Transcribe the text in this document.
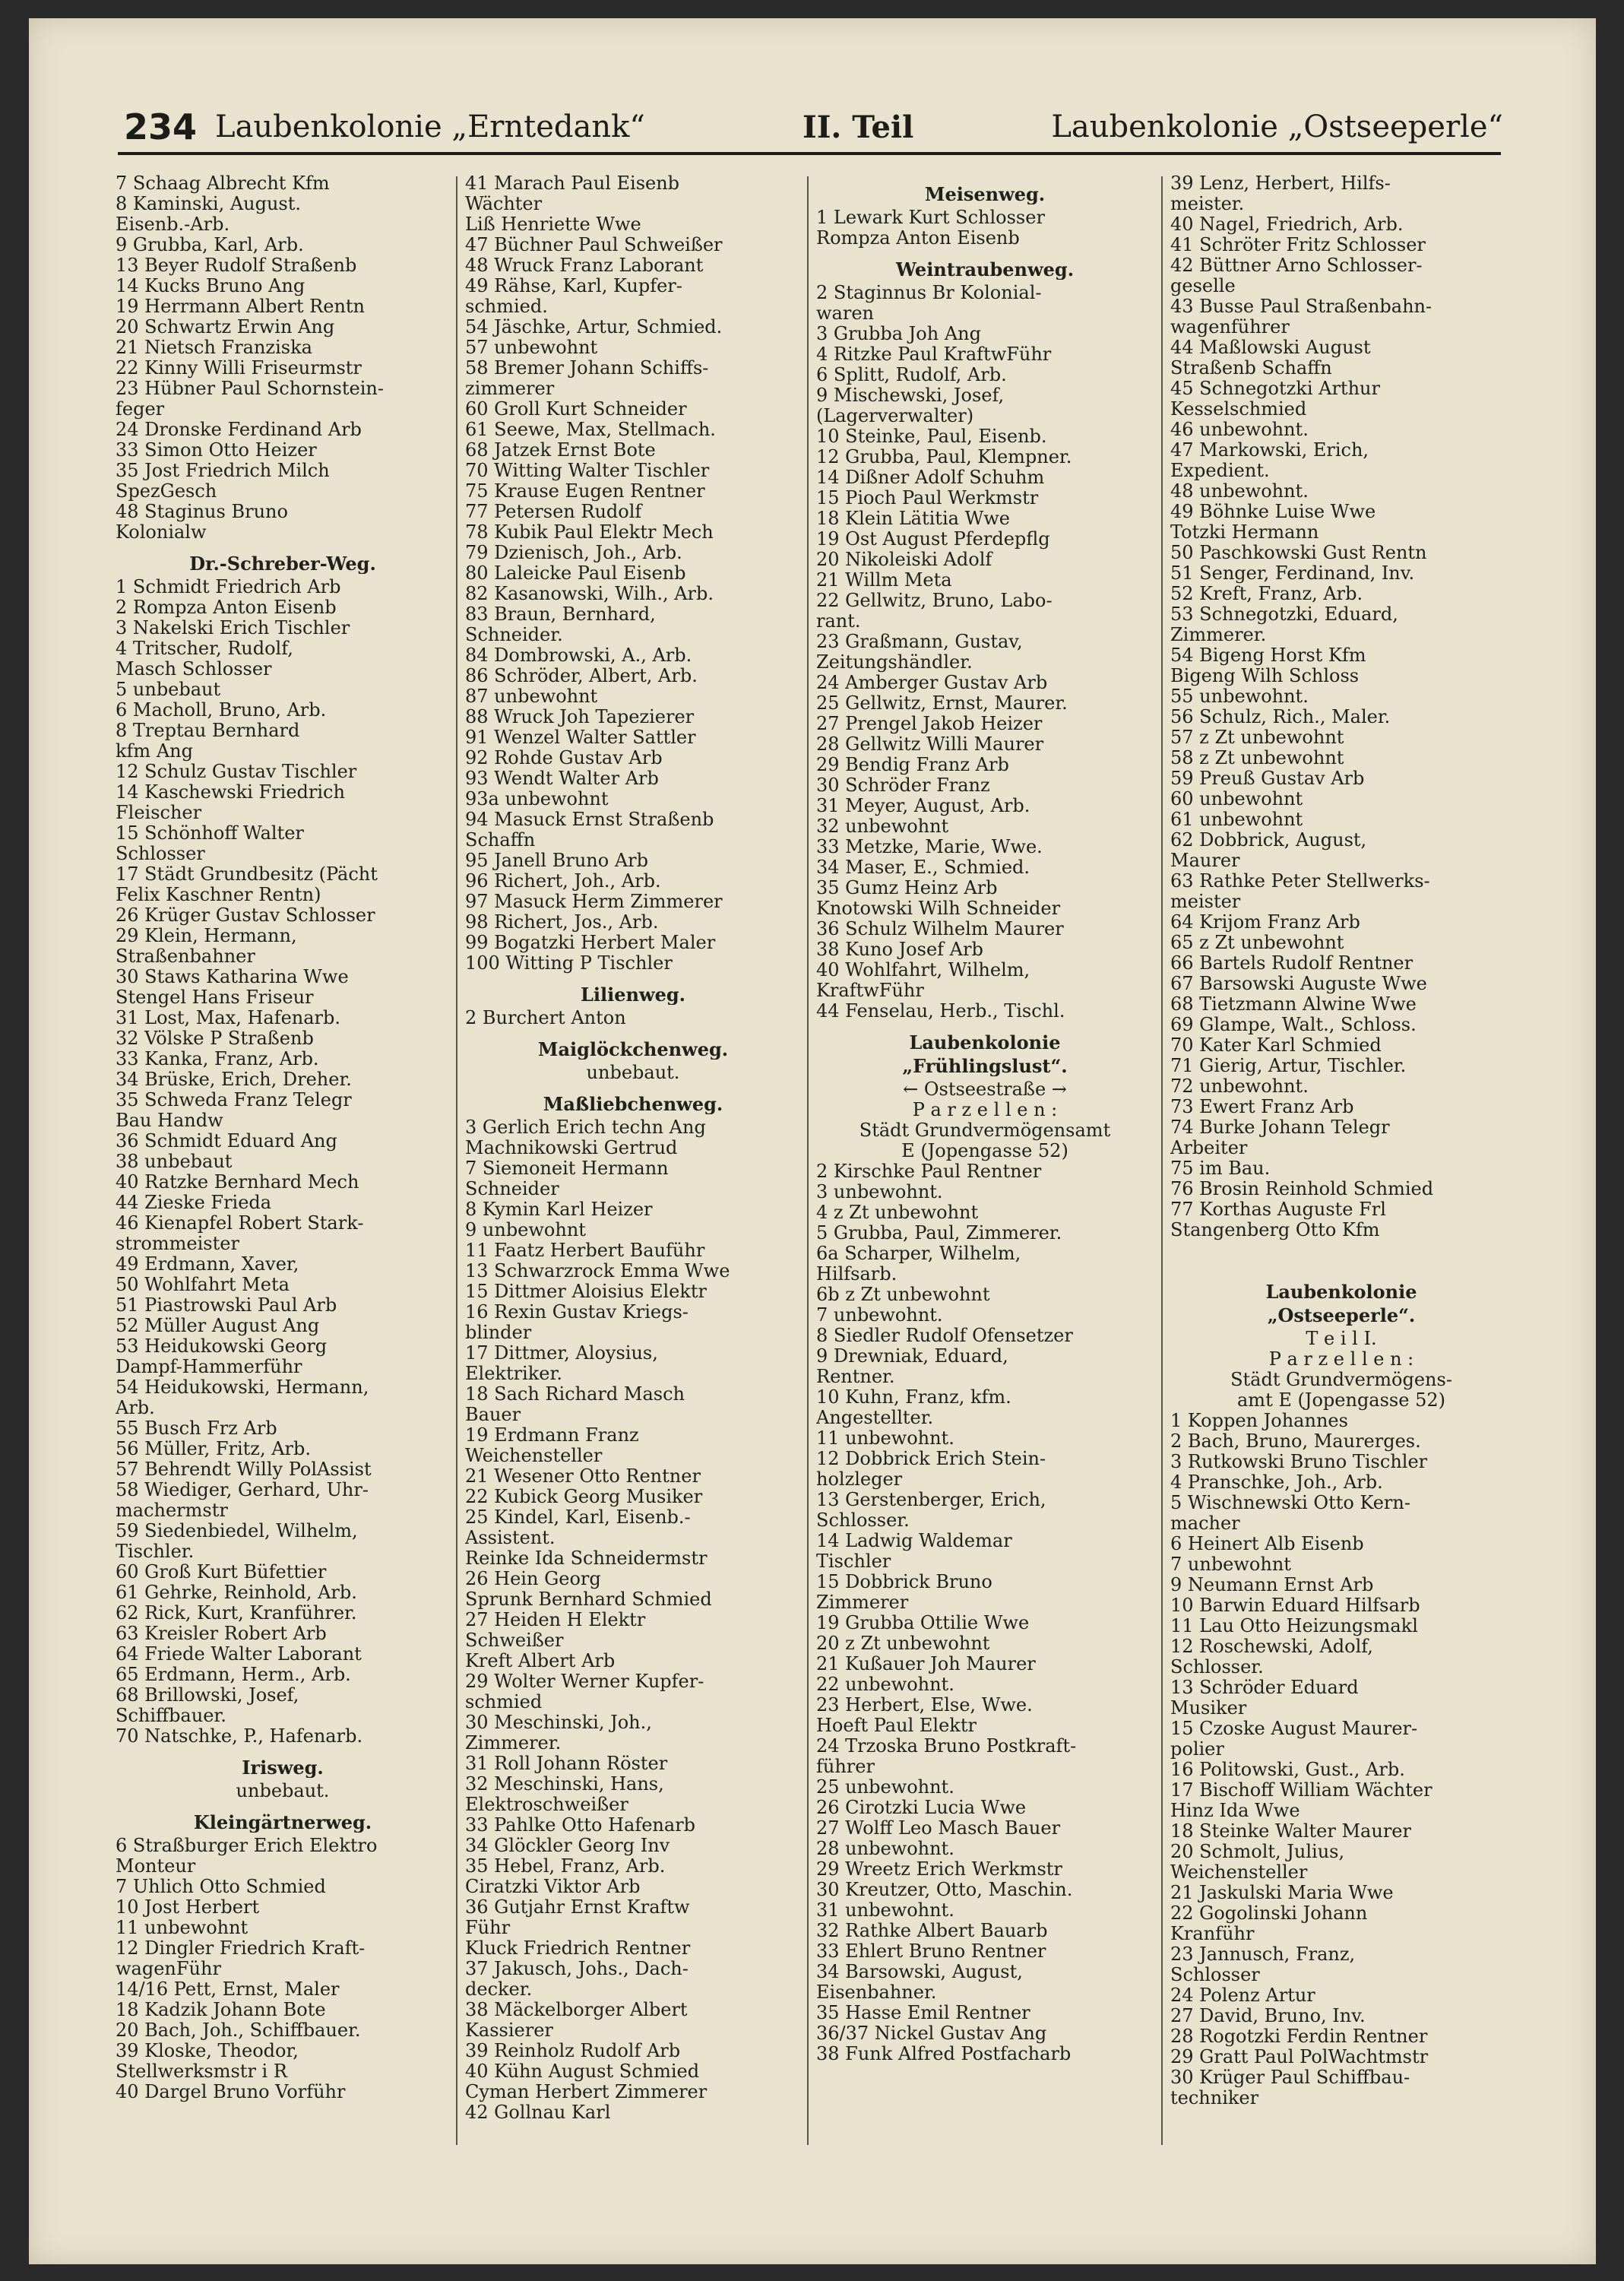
234 Laubenkolonie „Erntedank“	II. Teil	Laubenkolonie „Ostseeperle“

7 Schaag Albrecht Kfm

8 Kaminski, August.

Eisenb.-Arb.

9 Grubba, Karl, Arb.

13 Beyer Rudolf Straßenb

14 Kucks Bruno Ang

19 Herrmann Albert Rentn

20 Schwartz Erwin Ang

21 Nietsch Franziska

22 Kinny Willi Friseurmstr

23 Hübner Paul Schornstein-

feger

24 Dronske Ferdinand Arb

33 Simon Otto Heizer

35 Jost Friedrich Milch

SpezGesch

48 Staginus Bruno

Kolonialw

Dr.-Schreber-Weg.

1 Schmidt Friedrich Arb

2 Rompza Anton Eisenb

3 Nakelski Erich Tischler

4 Tritscher, Rudolf,

Masch Schlosser

5 unbebaut

6 Macholl, Bruno, Arb.

8 Treptau Bernhard

kfm Ang

12 Schulz Gustav Tischler

14 Kaschewski Friedrich

Fleischer

15 Schönhoff Walter

Schlosser

17 Städt Grundbesitz (Pächt

Felix Kaschner Rentn)

26 Krüger Gustav Schlosser

29 Klein, Hermann,

Straßenbahner

30 Staws Katharina Wwe

Stengel Hans Friseur

31 Lost, Max, Hafenarb.

32 Völske P Straßenb

33 Kanka, Franz, Arb.

34 Brüske, Erich, Dreher.

35 Schweda Franz Telegr

Bau Handw

36 Schmidt Eduard Ang

38 unbebaut

40 Ratzke Bernhard Mech

44 Zieske Frieda

46 Kienapfel Robert Stark-

strommeister

49 Erdmann, Xaver,

50 Wohlfahrt Meta

51 Piastrowski Paul Arb

52 Müller August Ang

53 Heidukowski Georg

Dampf-Hammerführ

54 Heidukowski, Hermann,

Arb.

55 Busch Frz Arb

56 Müller, Fritz, Arb.

57 Behrendt Willy PolAssist

58 Wiediger, Gerhard, Uhr-

machermstr

59 Siedenbiedel, Wilhelm,

Tischler.

60 Groß Kurt Büfettier

61 Gehrke, Reinhold, Arb.

62 Rick, Kurt, Kranführer.

63 Kreisler Robert Arb

64 Friede Walter Laborant

65 Erdmann, Herm., Arb.

68 Brillowski, Josef,

Schiffbauer.

70 Natschke, P., Hafenarb.

Irisweg.

unbebaut.

Kleingärtnerweg.

6 Straßburger Erich Elektro

Monteur

7 Uhlich Otto Schmied

10 Jost Herbert

11 unbewohnt

12 Dingler Friedrich Kraft-

wagenFühr

14/16 Pett, Ernst, Maler

18 Kadzik Johann Bote

20 Bach, Joh., Schiffbauer.

39 Kloske, Theodor,

Stellwerksmstr i R

40 Dargel Bruno Vorführ

41 Marach Paul Eisenb

Wächter

Liß Henriette Wwe

47 Büchner Paul Schweißer

48 Wruck Franz Laborant

49 Rähse, Karl, Kupfer-

schmied.

54 Jäschke, Artur, Schmied.

57 unbewohnt

58 Bremer Johann Schiffs-

zimmerer

60 Groll Kurt Schneider

61 Seewe, Max, Stellmach.

68 Jatzek Ernst Bote

70 Witting Walter Tischler

75 Krause Eugen Rentner

77 Petersen Rudolf

78 Kubik Paul Elektr Mech

79 Dzienisch, Joh., Arb.

80 Laleicke Paul Eisenb

82 Kasanowski, Wilh., Arb.

83 Braun, Bernhard,

Schneider.

84 Dombrowski, A., Arb.

86 Schröder, Albert, Arb.

87 unbewohnt

88 Wruck Joh Tapezierer

91 Wenzel Walter Sattler

92 Rohde Gustav Arb

93 Wendt Walter Arb

93a unbewohnt

94 Masuck Ernst Straßenb

Schaffn

95 Janell Bruno Arb

96 Richert, Joh., Arb.

97 Masuck Herm Zimmerer

98 Richert, Jos., Arb.

99 Bogatzki Herbert Maler

100 Witting P Tischler

Lilienweg.

2 Burchert Anton

Maiglöckchenweg.

unbebaut.

Maßliebchenweg.

3 Gerlich Erich techn Ang

Machnikowski Gertrud

7 Siemoneit Hermann

Schneider

8 Kymin Karl Heizer

9 unbewohnt

11 Faatz Herbert Bauführ

13 Schwarzrock Emma Wwe

15 Dittmer Aloisius Elektr

16 Rexin Gustav Kriegs-

blinder

17 Dittmer, Aloysius,

Elektriker.

18 Sach Richard Masch

Bauer

19 Erdmann Franz

Weichensteller

21 Wesener Otto Rentner

22 Kubick Georg Musiker

25 Kindel, Karl, Eisenb.-

Assistent.

Reinke Ida Schneidermstr

26 Hein Georg

Sprunk Bernhard Schmied

27 Heiden H Elektr

Schweißer

Kreft Albert Arb

29 Wolter Werner Kupfer-

schmied

30 Meschinski, Joh.,

Zimmerer.

31 Roll Johann Röster

32 Meschinski, Hans,

Elektroschweißer

33 Pahlke Otto Hafenarb

34 Glöckler Georg Inv

35 Hebel, Franz, Arb.

Ciratzki Viktor Arb

36 Gutjahr Ernst Kraftw

Führ

Kluck Friedrich Rentner

37 Jakusch, Johs., Dach-

decker.

38 Mäckelborger Albert

Kassierer

39 Reinholz Rudolf Arb

40 Kühn August Schmied

Cyman Herbert Zimmerer

42 Gollnau Karl

Meisenweg.

1 Lewark Kurt Schlosser

Rompza Anton Eisenb

Weintraubenweg.

2 Staginnus Br Kolonial-

waren

3 Grubba Joh Ang

4 Ritzke Paul KraftwFühr

6 Splitt, Rudolf, Arb.

9 Mischewski, Josef,

(Lagerverwalter)

10 Steinke, Paul, Eisenb.

12 Grubba, Paul, Klempner.

14 Dißner Adolf Schuhm

15 Pioch Paul Werkmstr

18 Klein Lätitia Wwe

19 Ost August Pferdepflg

20 Nikoleiski Adolf

21 Willm Meta

22 Gellwitz, Bruno, Labo-

rant.

23 Graßmann, Gustav,

Zeitungshändler.

24 Amberger Gustav Arb

25 Gellwitz, Ernst, Maurer.

27 Prengel Jakob Heizer

28 Gellwitz Willi Maurer

29 Bendig Franz Arb

30 Schröder Franz

31 Meyer, August, Arb.

32 unbewohnt

33 Metzke, Marie, Wwe.

34 Maser, E., Schmied.

35 Gumz Heinz Arb

Knotowski Wilh Schneider

36 Schulz Wilhelm Maurer

38 Kuno Josef Arb

40 Wohlfahrt, Wilhelm,

KraftwFühr

44 Fenselau, Herb., Tischl.

Laubenkolonie

„Frühlingslust“.

← Ostseestraße →

P a r z e l l e n :

Städt Grundvermögensamt

E (Jopengasse 52)

2 Kirschke Paul Rentner

3 unbewohnt.

4 z Zt unbewohnt

5 Grubba, Paul, Zimmerer.

6a Scharper, Wilhelm,

Hilfsarb.

6b z Zt unbewohnt

7 unbewohnt.

8 Siedler Rudolf Ofensetzer

9 Drewniak, Eduard,

Rentner.

10 Kuhn, Franz, kfm.

Angestellter.

11 unbewohnt.

12 Dobbrick Erich Stein-

holzleger

13 Gerstenberger, Erich,

Schlosser.

14 Ladwig Waldemar

Tischler

15 Dobbrick Bruno

Zimmerer

19 Grubba Ottilie Wwe

20 z Zt unbewohnt

21 Kußauer Joh Maurer

22 unbewohnt.

23 Herbert, Else, Wwe.

Hoeft Paul Elektr

24 Trzoska Bruno Postkraft-

führer

25 unbewohnt.

26 Cirotzki Lucia Wwe

27 Wolff Leo Masch Bauer

28 unbewohnt.

29 Wreetz Erich Werkmstr

30 Kreutzer, Otto, Maschin.

31 unbewohnt.

32 Rathke Albert Bauarb

33 Ehlert Bruno Rentner

34 Barsowski, August,

Eisenbahner.

35 Hasse Emil Rentner

36/37 Nickel Gustav Ang

38 Funk Alfred Postfacharb

39 Lenz, Herbert, Hilfs-

meister.

40 Nagel, Friedrich, Arb.

41 Schröter Fritz Schlosser

42 Büttner Arno Schlosser-

geselle

43 Busse Paul Straßenbahn-

wagenführer

44 Maßlowski August

Straßenb Schaffn

45 Schnegotzki Arthur

Kesselschmied

46 unbewohnt.

47 Markowski, Erich,

Expedient.

48 unbewohnt.

49 Böhnke Luise Wwe

Totzki Hermann

50 Paschkowski Gust Rentn

51 Senger, Ferdinand, Inv.

52 Kreft, Franz, Arb.

53 Schnegotzki, Eduard,

Zimmerer.

54 Bigeng Horst Kfm

Bigeng Wilh Schloss

55 unbewohnt.

56 Schulz, Rich., Maler.

57 z Zt unbewohnt

58 z Zt unbewohnt

59 Preuß Gustav Arb

60 unbewohnt

61 unbewohnt

62 Dobbrick, August,

Maurer

63 Rathke Peter Stellwerks-

meister

64 Krijom Franz Arb

65 z Zt unbewohnt

66 Bartels Rudolf Rentner

67 Barsowski Auguste Wwe

68 Tietzmann Alwine Wwe

69 Glampe, Walt., Schloss.

70 Kater Karl Schmied

71 Gierig, Artur, Tischler.

72 unbewohnt.

73 Ewert Franz Arb

74 Burke Johann Telegr

Arbeiter

75 im Bau.

76 Brosin Reinhold Schmied

77 Korthas Auguste Frl

Stangenberg Otto Kfm

Laubenkolonie

„Ostseeperle“.

T e i l I.

P a r z e l l e n :

Städt Grundvermögens-

amt E (Jopengasse 52)

1 Koppen Johannes

2 Bach, Bruno, Maurerges.

3 Rutkowski Bruno Tischler

4 Pranschke, Joh., Arb.

5 Wischnewski Otto Kern-

macher

6 Heinert Alb Eisenb

7 unbewohnt

9 Neumann Ernst Arb

10 Barwin Eduard Hilfsarb

11 Lau Otto Heizungsmakl

12 Roschewski, Adolf,

Schlosser.

13 Schröder Eduard

Musiker

15 Czoske August Maurer-

polier

16 Politowski, Gust., Arb.

17 Bischoff William Wächter

Hinz Ida Wwe

18 Steinke Walter Maurer

20 Schmolt, Julius,

Weichensteller

21 Jaskulski Maria Wwe

22 Gogolinski Johann

Kranführ

23 Jannusch, Franz,

Schlosser

24 Polenz Artur

27 David, Bruno, Inv.

28 Rogotzki Ferdin Rentner

29 Gratt Paul PolWachtmstr

30 Krüger Paul Schiffbau-

techniker
